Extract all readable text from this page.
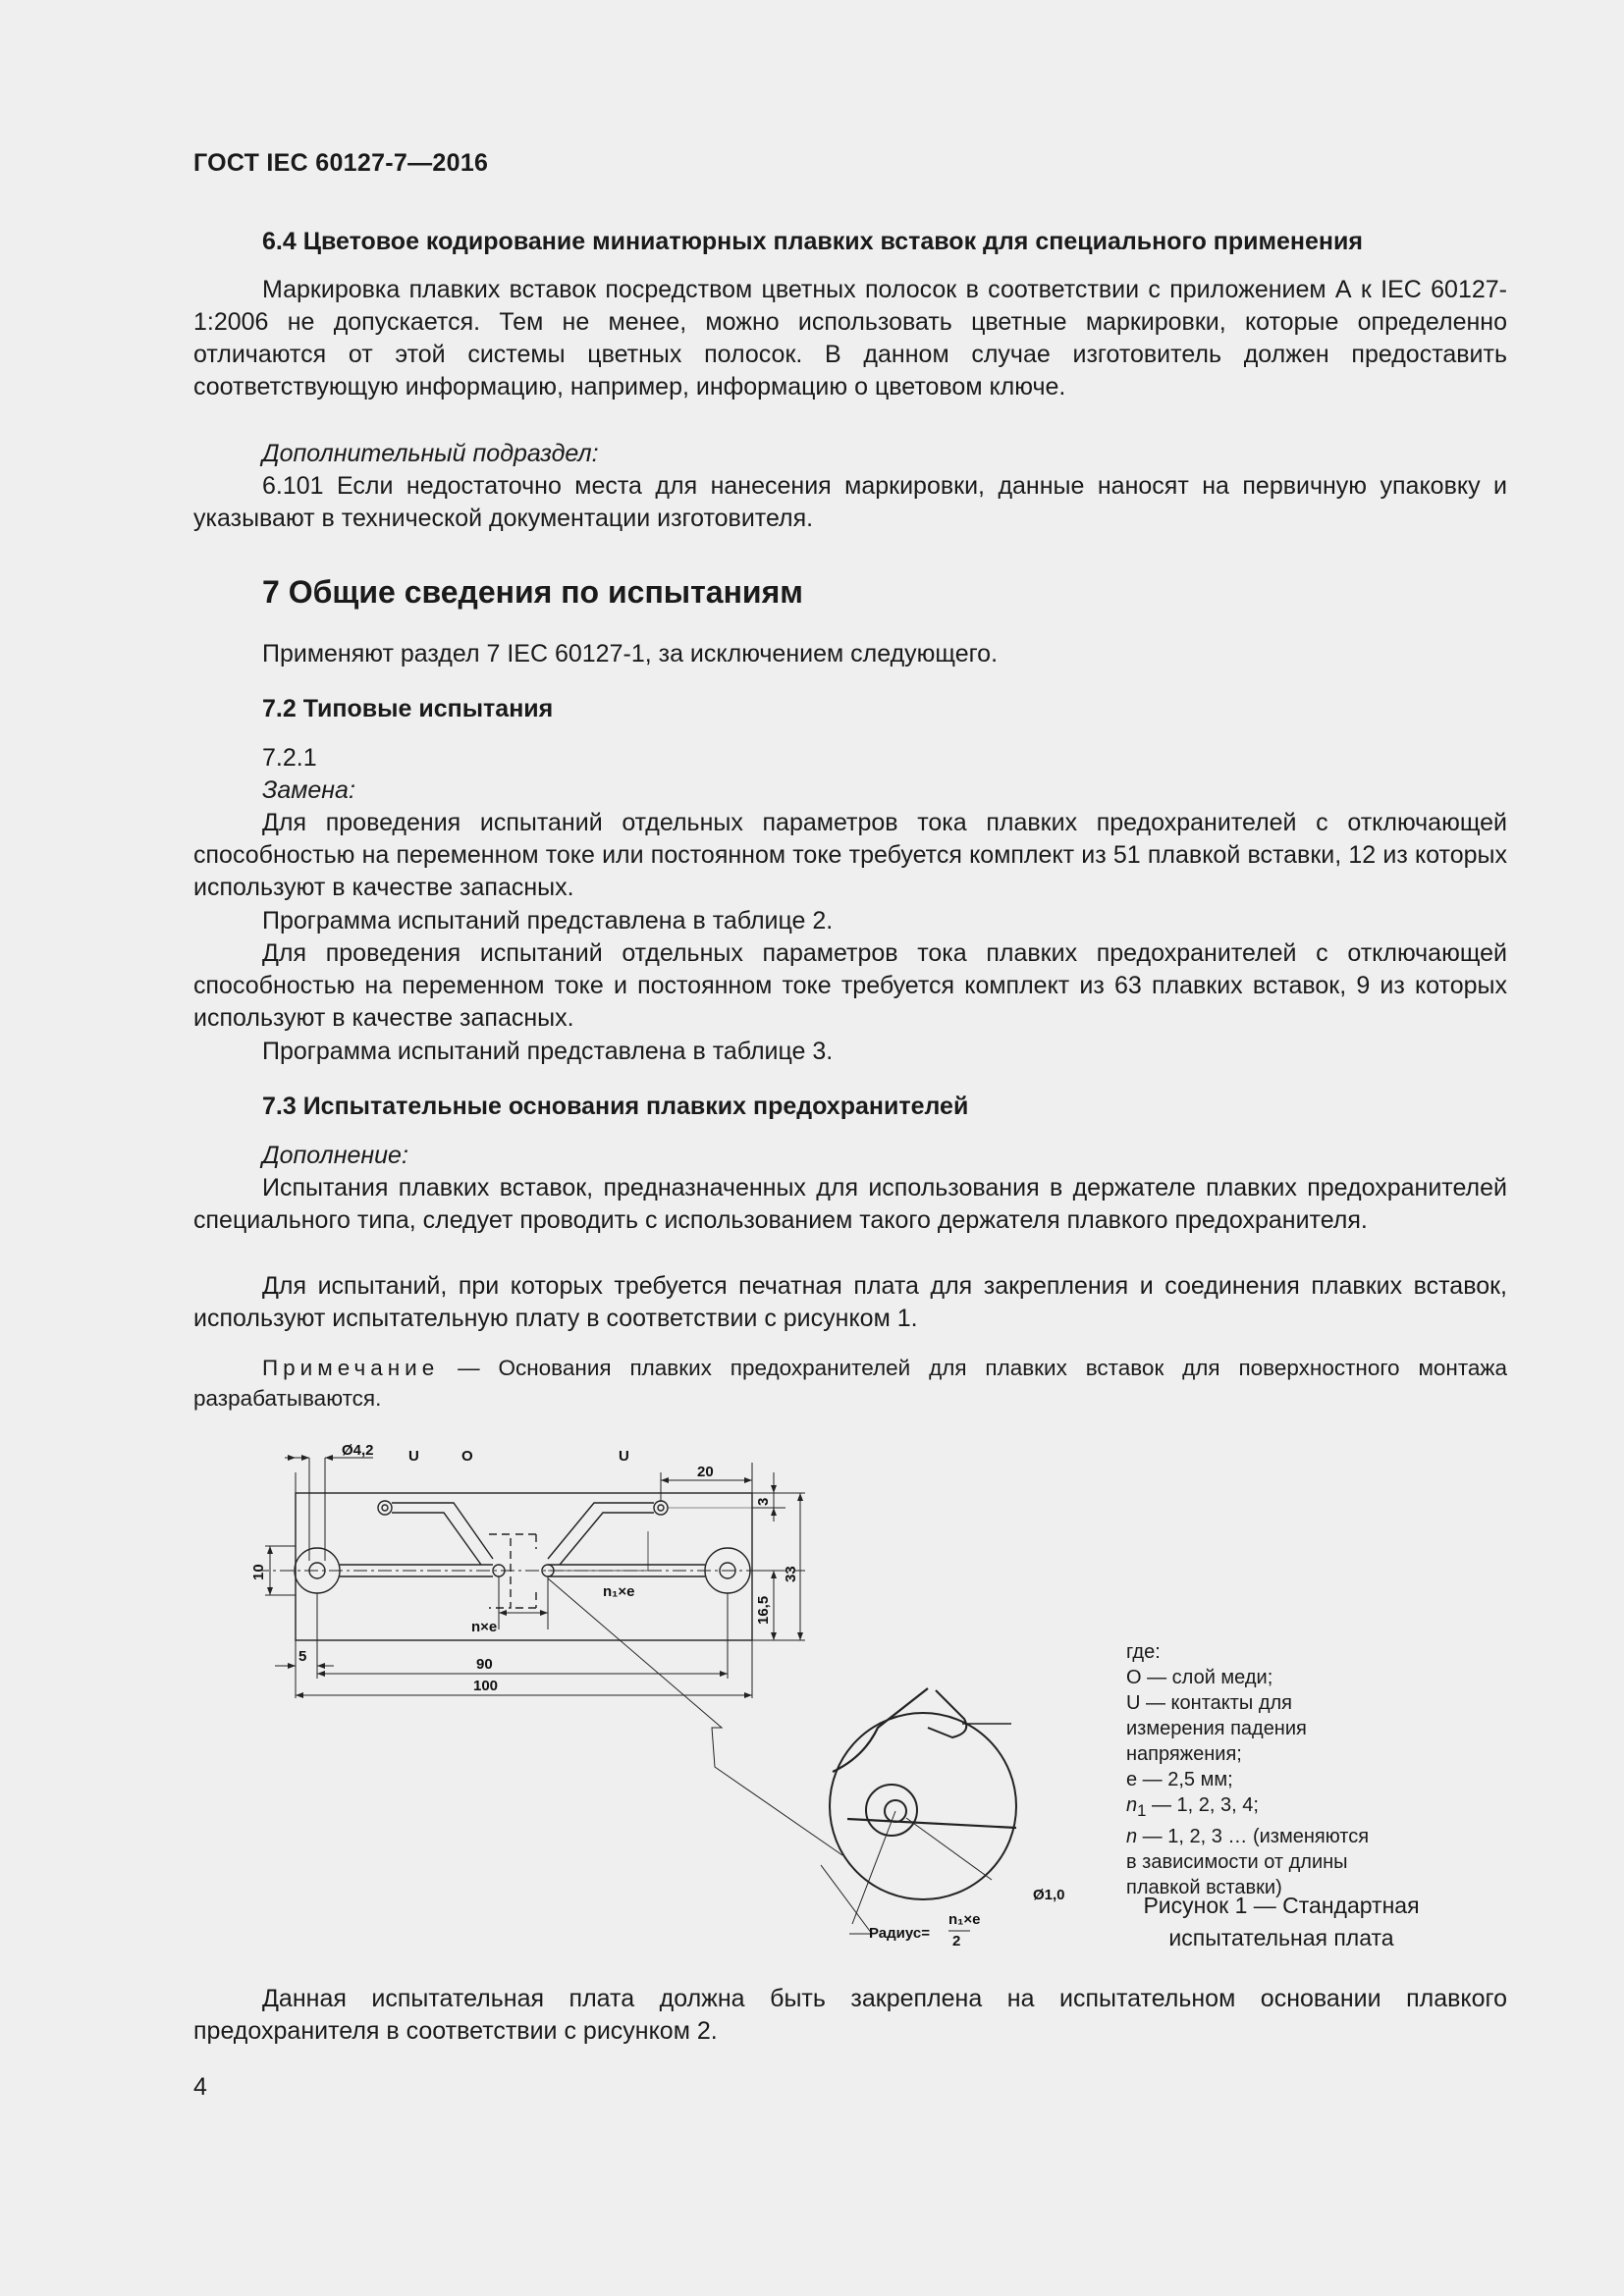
ГОСТ IEC 60127-7—2016
6.4 Цветовое кодирование миниатюрных плавких вставок для специального применения
Маркировка плавких вставок посредством цветных полосок в соответствии с приложением А к IEC 60127-1:2006 не допускается. Тем не менее, можно использовать цветные маркировки, которые определенно отличаются от этой системы цветных полосок. В данном случае изготовитель должен предоставить соответствующую информацию, например, информацию о цветовом ключе.
Дополнительный подраздел:
6.101 Если недостаточно места для нанесения маркировки, данные наносят на первичную упаковку и указывают в технической документации изготовителя.
7 Общие сведения по испытаниям
Применяют раздел 7 IEC 60127-1, за исключением следующего.
7.2 Типовые испытания
7.2.1
Замена:
Для проведения испытаний отдельных параметров тока плавких предохранителей с отключающей способностью на переменном токе или постоянном токе требуется комплект из 51 плавкой вставки, 12 из которых используют в качестве запасных.
Программа испытаний представлена в таблице 2.
Для проведения испытаний отдельных параметров тока плавких предохранителей с отключающей способностью на переменном токе и постоянном токе требуется комплект из 63 плавких вставок, 9 из которых используют в качестве запасных.
Программа испытаний представлена в таблице 3.
7.3 Испытательные основания плавких предохранителей
Дополнение:
Испытания плавких вставок, предназначенных для использования в держателе плавких предохранителей специального типа, следует проводить с использованием такого держателя плавкого предохранителя.
Для испытаний, при которых требуется печатная плата для закрепления и соединения плавких вставок, используют испытательную плату в соответствии с рисунком 1.
Примечание — Основания плавких предохранителей для плавких вставок для поверхностного монтажа разрабатываются.
Ø4,2 U	O	U
20
3
10	33
16,5
n₁×e
n×e
5	90
100
Ø1,0
Радиус=
n₁×e
2
где:
О — слой меди;
U — контакты для измерения падения напряжения;
e — 2,5 мм;
$n_1$ — 1, 2, 3, 4;
n — 1, 2, 3 … (изменяются в зависимости от длины плавкой вставки)
Рисунок 1 — Стандартная испытательная плата
Данная испытательная плата должна быть закреплена на испытательном основании плавкого предохранителя в соответствии с рисунком 2.
4
